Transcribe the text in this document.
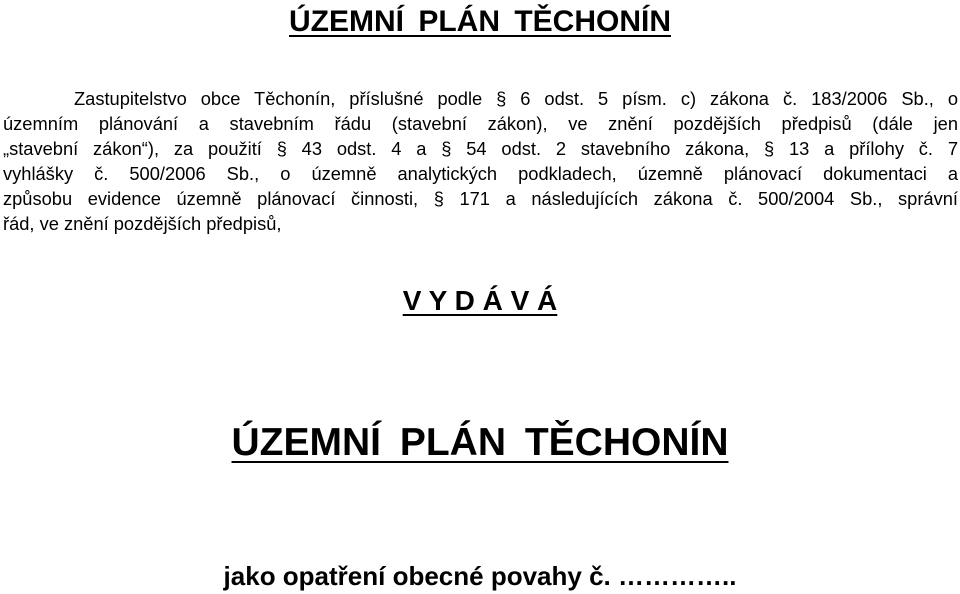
ÚZEMNÍ PLÁN TĚCHONÍN

Zastupitelstvo obce Těchonín, příslušné podle § 6 odst. 5 písm. c) zákona č. 183/2006 Sb., o
územním plánování a stavebním řádu (stavební zákon), ve znění pozdějších předpisů (dále jen
„stavební zákon“), za použití § 43 odst. 4 a § 54 odst. 2 stavebního zákona, § 13 a přílohy č. 7
vyhlášky č. 500/2006 Sb., o územně analytických podkladech, územně plánovací dokumentaci a
způsobu evidence územně plánovací činnosti, § 171 a následujících zákona č. 500/2004 Sb., správní
řád, ve znění pozdějších předpisů,

V Y D Á V Á

ÚZEMNÍ PLÁN TĚCHONÍN

jako opatření obecné povahy č. …………..
